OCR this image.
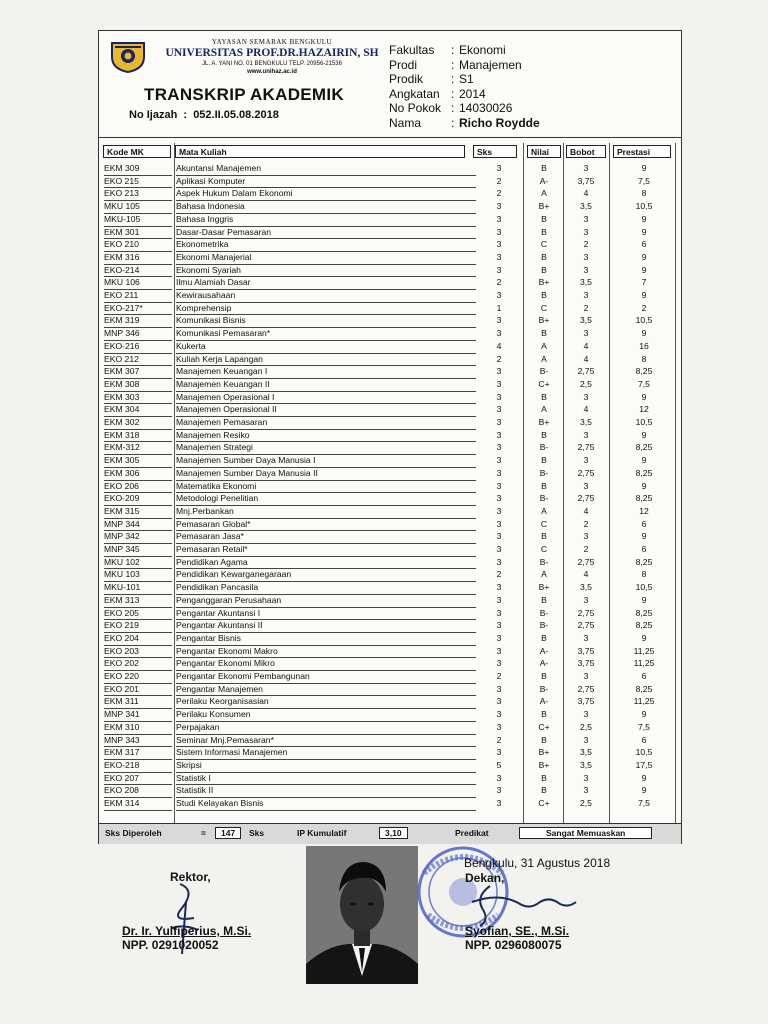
YAYASAN SEMARAK BENGKULU
UNIVERSITAS PROF.DR.HAZAIRIN, SH
JL. A. YANI NO. 01 BENGKULU TELP. 20956-21536
www.unihaz.ac.id
TRANSKRIP AKADEMIK
No Ijazah  :  052.II.05.08.2018
Fakultas : Ekonomi
Prodi	: Manajemen
Prodik : S1
Angkatan : 2014
No Pokok : 14030026
Nama : Richo Roydde
Kode MK	Mata Kuliah	Sks	Nilai	Bobot	Prestasi
EKM 309	Akuntansi Manajemen	3	B	3	9
EKO 215	Aplikasi Komputer	2	A-	3,75	7,5
EKO 213	Aspek Hukum Dalam Ekonomi	2	A	4	8
MKU 105	Bahasa Indonesia	3	B+	3,5	10,5
MKU-105	Bahasa Inggris	3	B	3	9
EKM 301	Dasar-Dasar Pemasaran	3	B	3	9
EKO 210	Ekonometrika	3	C	2	6
EKM 316	Ekonomi Manajerial	3	B	3	9
EKO-214	Ekonomi Syariah	3	B	3	9
MKU 106	Ilmu Alamiah Dasar	2	B+	3,5	7
EKO 211	Kewirausahaan	3	B	3	9
EKO-217*	Komprehensip	1	C	2	2
EKM 319	Komunikasi Bisnis	3	B+	3,5	10,5
MNP 346	Komunikasi Pemasaran*	3	B	3	9
EKO-216	Kukerta	4	A	4	16
EKO 212	Kuliah Kerja Lapangan	2	A	4	8
EKM 307	Manajemen Keuangan I	3	B-	2,75	8,25
EKM 308	Manajemen Keuangan II	3	C+	2,5	7,5
EKM 303	Manajemen Operasional I	3	B	3	9
EKM 304	Manajemen Operasional II	3	A	4	12
EKM 302	Manajemen Pemasaran	3	B+	3,5	10,5
EKM 318	Manajemen Resiko	3	B	3	9
EKM-312	Manajemen Strategi	3	B-	2,75	8,25
EKM 305	Manajemen Sumber Daya Manusia I	3	B	3	9
EKM 306	Manajemen Sumber Daya Manusia II	3	B-	2,75	8,25
EKO 206	Matematika Ekonomi	3	B	3	9
EKO-209	Metodologi Penelitian	3	B-	2,75	8,25
EKM 315	Mnj.Perbankan	3	A	4	12
MNP 344	Pemasaran Global*	3	C	2	6
MNP 342	Pemasaran Jasa*	3	B	3	9
MNP 345	Pemasaran Retail*	3	C	2	6
MKU 102	Pendidikan Agama	3	B-	2,75	8,25
MKU 103	Pendidikan Kewarganegaraan	2	A	4	8
MKU-101	Pendidikan Pancasila	3	B+	3,5	10,5
EKM 313	Penganggaran Perusahaan	3	B	3	9
EKO 205	Pengantar Akuntansi I	3	B-	2,75	8,25
EKO 219	Pengantar Akuntansi II	3	B-	2,75	8,25
EKO 204	Pengantar Bisnis	3	B	3	9
EKO 203	Pengantar Ekonomi Makro	3	A-	3,75	11,25
EKO 202	Pengantar Ekonomi Mikro	3	A-	3,75	11,25
EKO 220	Pengantar Ekonomi Pembangunan	2	B	3	6
EKO 201	Pengantar Manajemen	3	B-	2,75	8,25
EKM 311	Perilaku Keorganisasian	3	A-	3,75	11,25
MNP 341	Perilaku Konsumen	3	B	3	9
EKM 310	Perpajakan	3	C+	2,5	7,5
MNP 343	Seminar Mnj.Pemasaran*	2	B	3	6
EKM 317	Sistem Informasi Manajemen	3	B+	3,5	10,5
EKO-218	Skripsi	5	B+	3,5	17,5
EKO 207	Statistik I	3	B	3	9
EKO 208	Statistik II	3	B	3	9
EKM 314	Studi Kelayakan Bisnis	3	C+	2,5	7,5
Sks Diperoleh	=	147	Sks	IP Kumulatif	3,10	Predikat	Sangat Memuaskan
Rektor,
Dr. Ir. Yulfiperius, M.Si.
NPP. 0291020052
Bengkulu, 31 Agustus 2018
Dekan,
Syofian, SE., M.Si.
NPP. 0296080075
